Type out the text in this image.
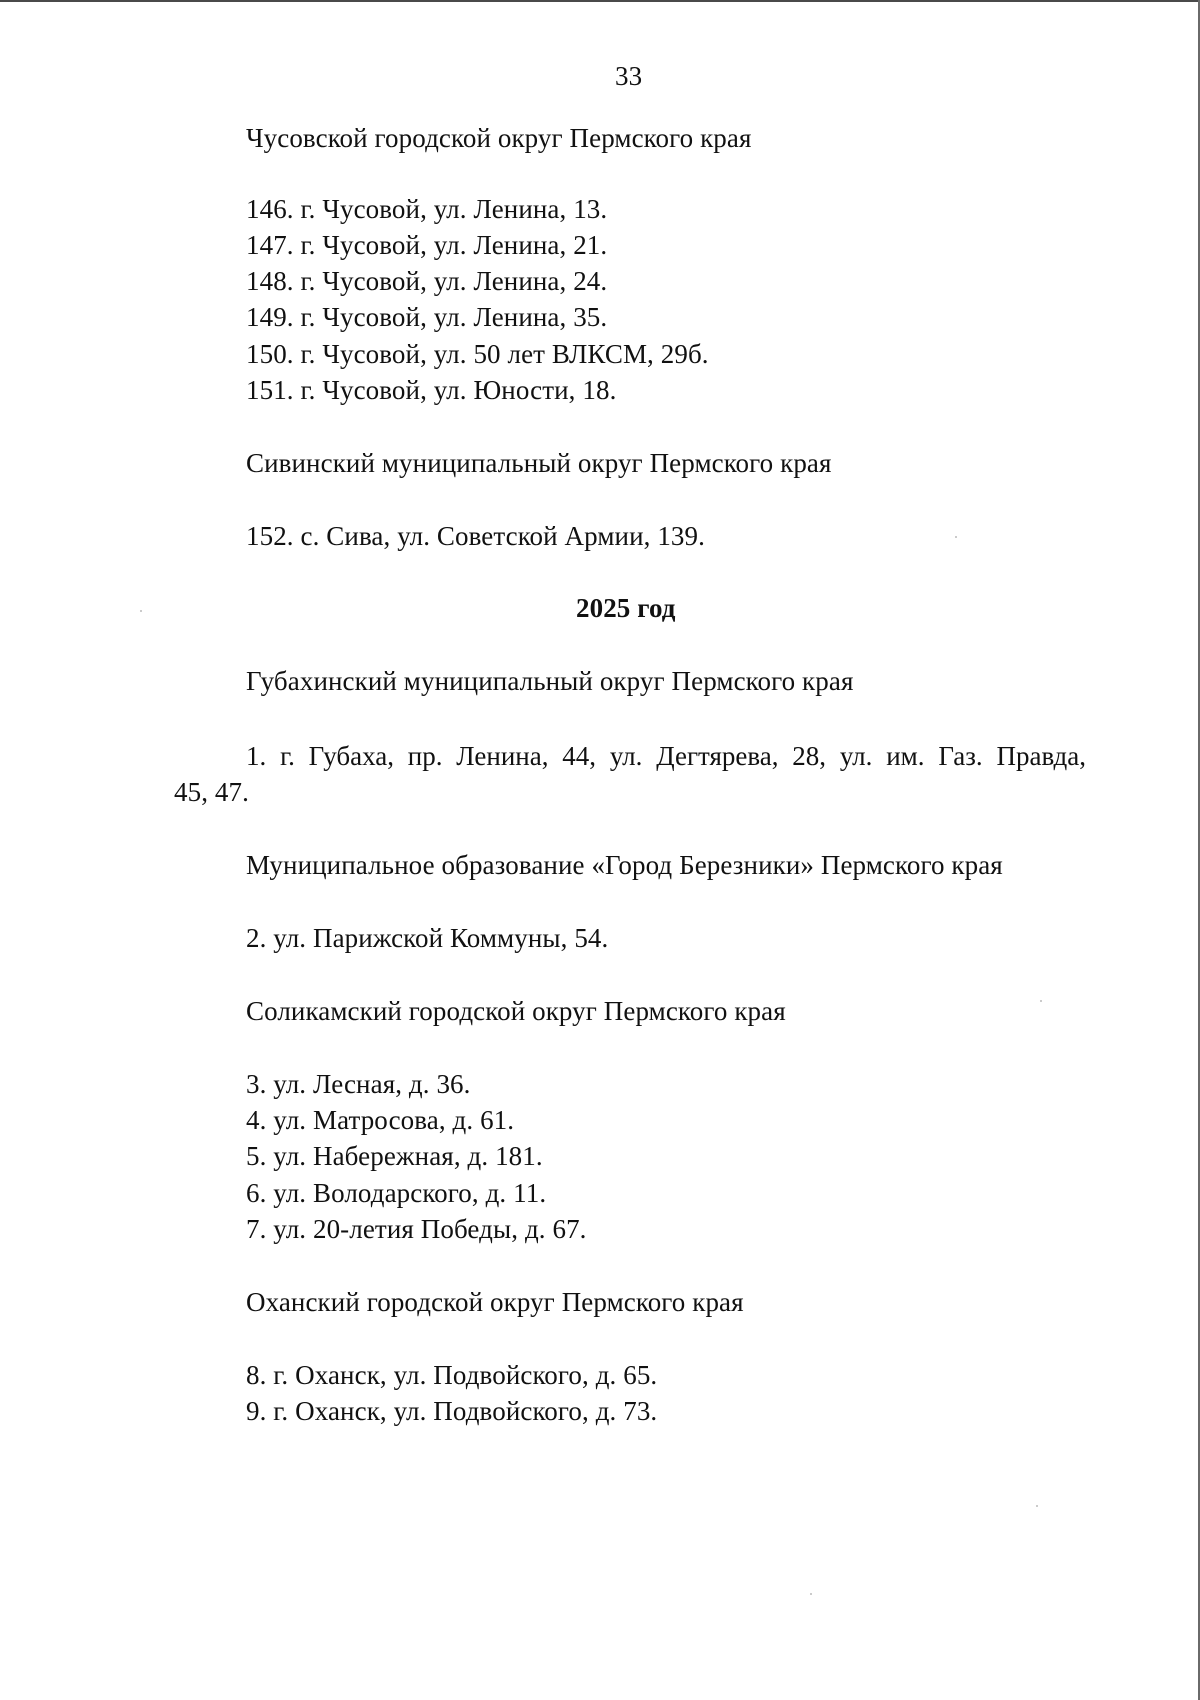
33
Чусовской городской округ Пермского края
146. г. Чусовой, ул. Ленина, 13.
147. г. Чусовой, ул. Ленина, 21.
148. г. Чусовой, ул. Ленина, 24.
149. г. Чусовой, ул. Ленина, 35.
150. г. Чусовой, ул. 50 лет ВЛКСМ, 29б.
151. г. Чусовой, ул. Юности, 18.
Сивинский муниципальный округ Пермского края
152. с. Сива, ул. Советской Армии, 139.
2025 год
Губахинский муниципальный округ Пермского края
1. г. Губаха, пр. Ленина, 44, ул. Дегтярева, 28, ул. им. Газ. Правда,
45, 47.
Муниципальное образование «Город Березники» Пермского края
2. ул. Парижской Коммуны, 54.
Соликамский городской округ Пермского края
3. ул. Лесная, д. 36.
4. ул. Матросова, д. 61.
5. ул. Набережная, д. 181.
6. ул. Володарского, д. 11.
7. ул. 20-летия Победы, д. 67.
Оханский городской округ Пермского края
8. г. Оханск, ул. Подвойского, д. 65.
9. г. Оханск, ул. Подвойского, д. 73.
